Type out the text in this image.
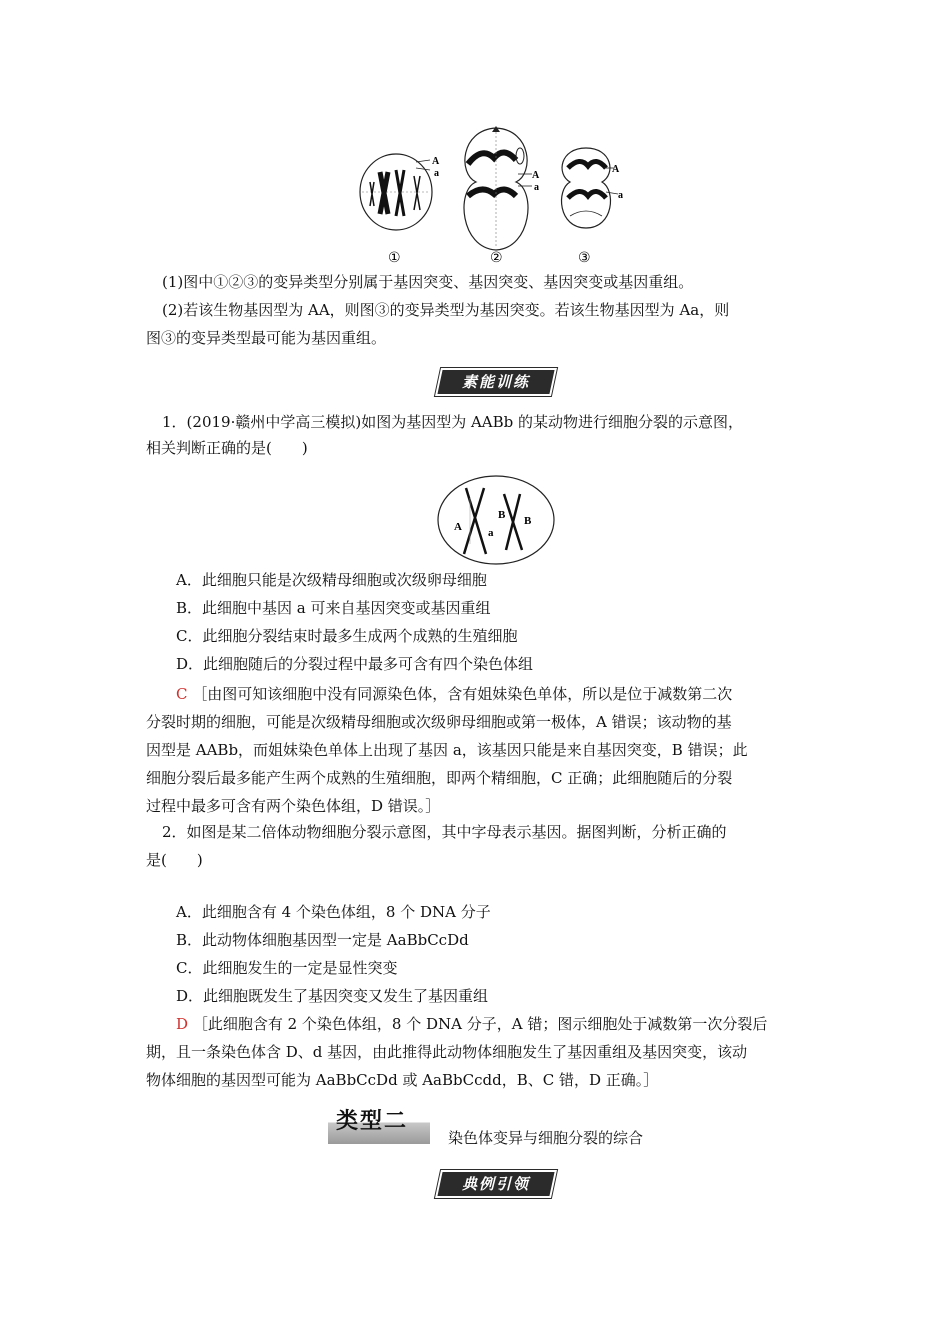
A
a	A
a
A
a
①	②	③
(1)图中①②③的变异类型分别属于基因突变、基因突变、基因突变或基因重组。
(2)若该生物基因型为 AA，则图③的变异类型为基因突变。若该生物基因型为 Aa，则
图③的变异类型最可能为基因重组。
素能训练
1．(2019·赣州中学高三模拟)如图为基因型为 AABb 的某动物进行细胞分裂的示意图，
相关判断正确的是(　　)
A a
B B
A．此细胞只能是次级精母细胞或次级卵母细胞
B．此细胞中基因 a 可来自基因突变或基因重组
C．此细胞分裂结束时最多生成两个成熟的生殖细胞
D．此细胞随后的分裂过程中最多可含有四个染色体组
C ［由图可知该细胞中没有同源染色体，含有姐妹染色单体，所以是位于减数第二次
分裂时期的细胞，可能是次级精母细胞或次级卵母细胞或第一极体，A 错误；该动物的基
因型是 AABb，而姐妹染色单体上出现了基因 a，该基因只能是来自基因突变，B 错误；此
细胞分裂后最多能产生两个成熟的生殖细胞，即两个精细胞，C 正确；此细胞随后的分裂
过程中最多可含有两个染色体组，D 错误。］
2．如图是某二倍体动物细胞分裂示意图，其中字母表示基因。据图判断，分析正确的
是(　　)
A．此细胞含有 4 个染色体组，8 个 DNA 分子
B．此动物体细胞基因型一定是 AaBbCcDd
C．此细胞发生的一定是显性突变
D．此细胞既发生了基因突变又发生了基因重组
D ［此细胞含有 2 个染色体组，8 个 DNA 分子，A 错；图示细胞处于减数第一次分裂后
期，且一条染色体含 D、d 基因，由此推得此动物体细胞发生了基因重组及基因突变，该动
物体细胞的基因型可能为 AaBbCcDd 或 AaBbCcdd，B、C 错，D 正确。］
类型二
染色体变异与细胞分裂的综合
典例引领
